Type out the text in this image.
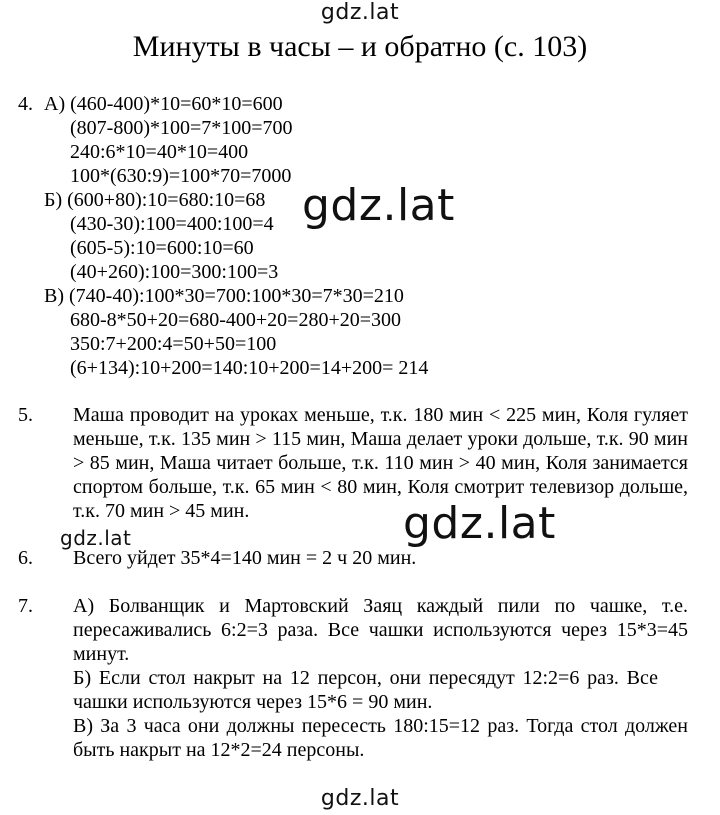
gdz.lat
gdz.lat
gdz.lat
gdz.lat
gdz.lat
Минуты в часы – и обратно (с. 103)
4. А) (460-400)*10=60*10=600
(807-800)*100=7*100=700
240:6*10=40*10=400
100*(630:9)=100*70=7000
Б) (600+80):10=680:10=68
(430-30):100=400:100=4
(605-5):10=600:10=60
(40+260):100=300:100=3
В) (740-40):100*30=700:100*30=7*30=210
680-8*50+20=680-400+20=280+20=300
350:7+200:4=50+50=100
(6+134):10+200=140:10+200=14+200= 214
5. Маша проводит на уроках меньше, т.к. 180 мин < 225 мин, Коля гуляет
меньше, т.к. 135 мин > 115 мин, Маша делает уроки дольше, т.к. 90 мин
> 85 мин, Маша читает больше, т.к. 110 мин > 40 мин, Коля занимается
спортом больше, т.к. 65 мин < 80 мин, Коля смотрит телевизор дольше,
т.к. 70 мин > 45 мин.
6. Всего уйдет 35*4=140 мин = 2 ч 20 мин.
7. А) Болванщик и Мартовский Заяц каждый пили по чашке, т.е.
пересаживались 6:2=3 раза. Все чашки используются через 15*3=45
минут.
Б) Если стол накрыт на 12 персон, они пересядут 12:2=6 раз. Все
чашки используются через 15*6 = 90 мин.
В) За 3 часа они должны пересесть 180:15=12 раз. Тогда стол должен
быть накрыт на 12*2=24 персоны.
